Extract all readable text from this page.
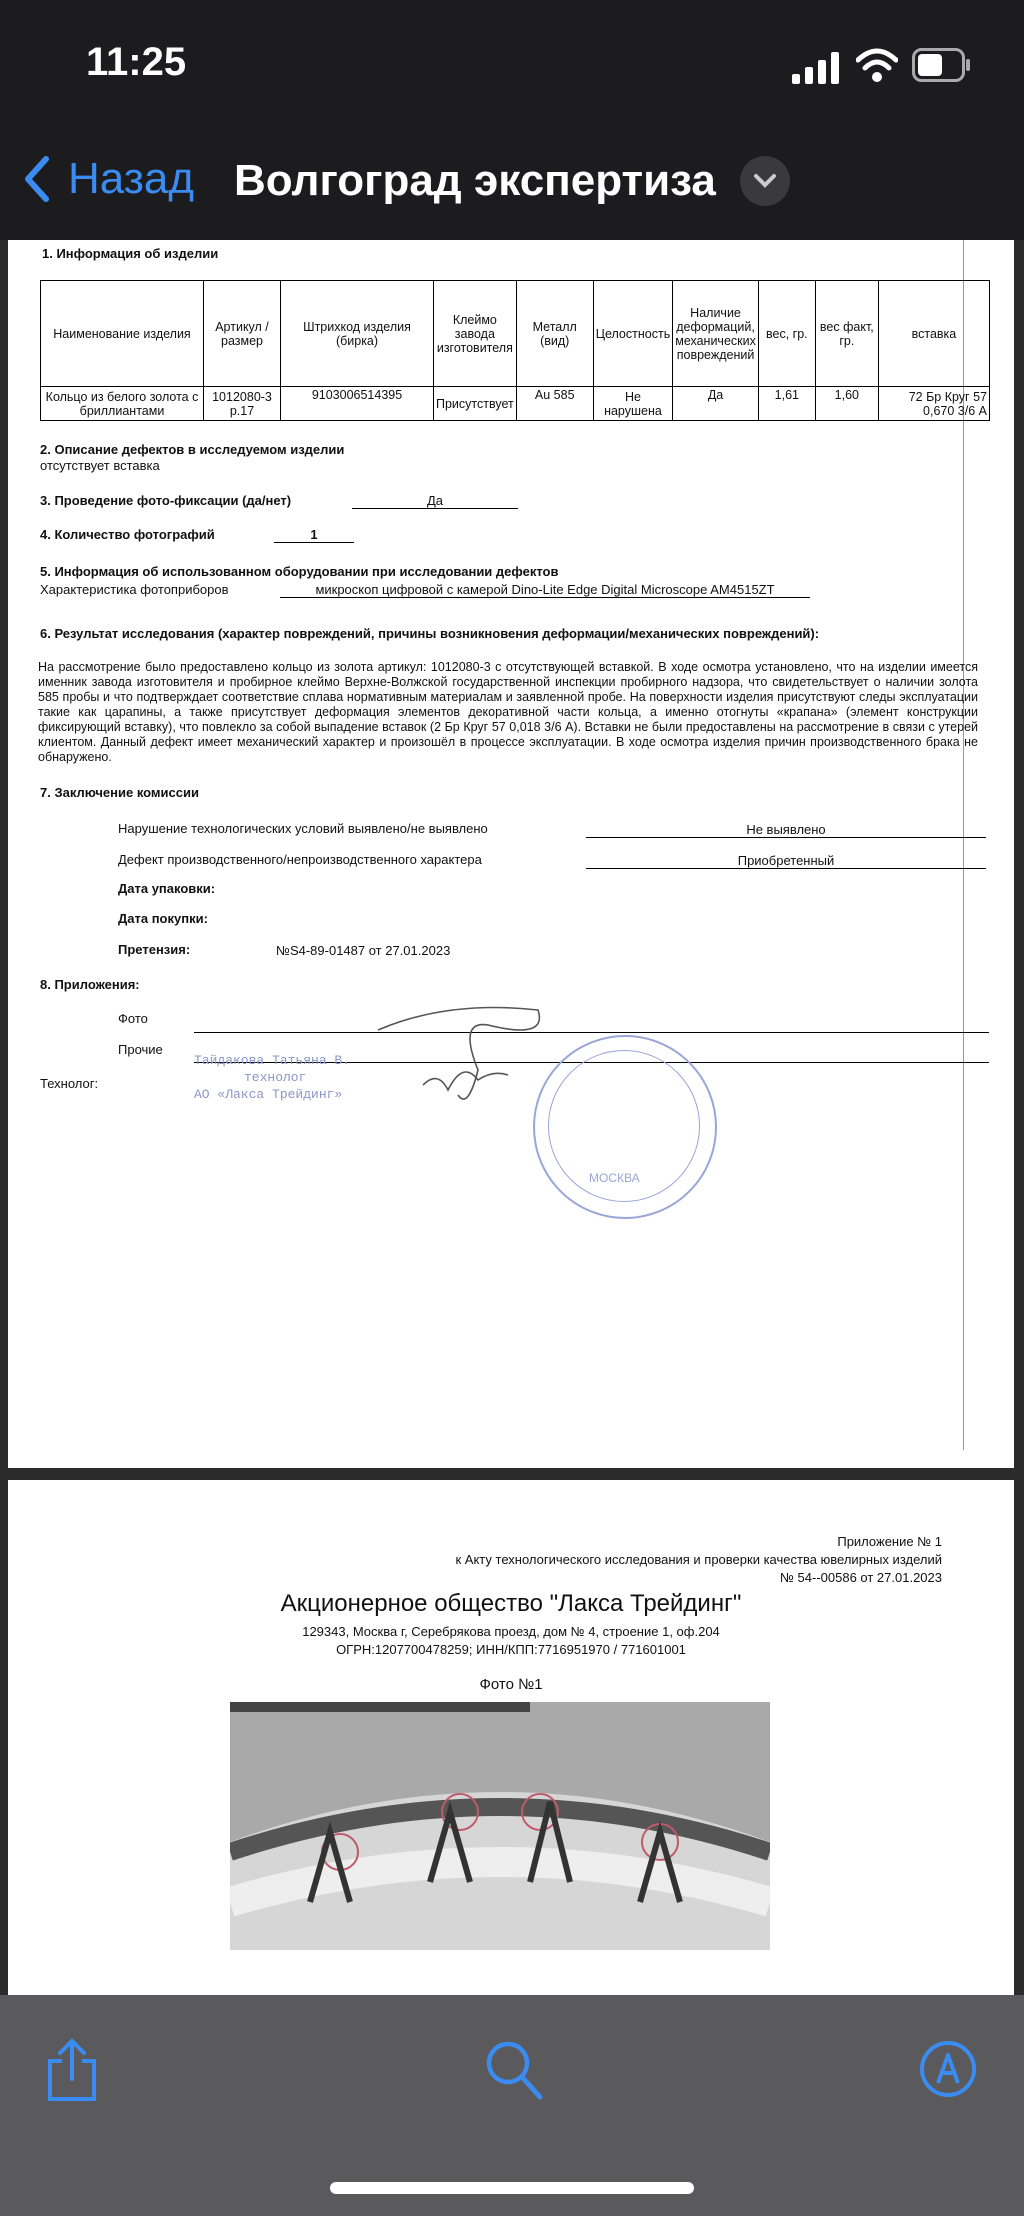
11:25
Назад Волгоград экспертиза
1. Информация об изделии
Наименование изделия	Артикул / размер	Штрихкод изделия (бирка)	Клеймо завода изготовителя	Металл (вид)	Целостность	Наличие деформаций, механических повреждений	вес, гр.	вес факт, гр.	вставка
Кольцо из белого золота с бриллиантами	1012080-3 р.17	9103006514395	Присутствует	Au 585	Не нарушена	Да	1,61	1,60	72 Бр Круг 57 0,670 3/6 А
2. Описание дефектов в исследуемом изделии
отсутствует вставка
3. Проведение фото-фиксации (да/нет)	Да
4. Количество фотографий	1
5. Информация об использованном оборудовании при исследовании дефектов
Характеристика фотоприборов	микроскоп цифровой с камерой Dino-Lite Edge Digital Microscope AM4515ZT
6. Результат исследования (характер повреждений, причины возникновения деформации/механических повреждений):
На рассмотрение было предоставлено кольцо из золота артикул: 1012080-3 с отсутствующей вставкой. В ходе осмотра установлено, что на изделии имеется именник завода изготовителя и пробирное клеймо Верхне-Волжской государственной инспекции пробирного надзора, что свидетельствует о наличии золота 585 пробы и что подтверждает соответствие сплава нормативным материалам и заявленной пробе. На поверхности изделия присутствуют следы эксплуатации такие как царапины, а также присутствует деформация элементов декоративной части кольца, а именно отогнуты «крапана» (элемент конструкции фиксирующий вставку), что повлекло за собой выпадение вставок (2 Бр Круг 57 0,018 3/6 А). Вставки не были предоставлены на рассмотрение в связи с утерей клиентом. Данный дефект имеет механический характер и произошёл в процессе эксплуатации. В ходе осмотра изделия причин производственного брака не обнаружено.
7. Заключение комиссии
Нарушение технологических условий выявлено/не выявлено	Не выявлено
Дефект производственного/непроизводственного характера	Приобретенный
Дата упаковки:
Дата покупки:
Претензия:	№S4-89-01487 от 27.01.2023
8. Приложения:
Фото
Прочие
Технолог:
Тайдакова Татьяна В.
технолог
АО «Лакса Трейдинг»
МОСКВА
Приложение № 1
к Акту технологического исследования и проверки качества ювелирных изделий
№ 54--00586 от 27.01.2023
Акционерное общество "Лакса Трейдинг"
129343, Москва г, Серебрякова проезд, дом № 4, строение 1, оф.204
ОГРН:1207700478259; ИНН/КПП:7716951970 / 771601001
Фото №1
